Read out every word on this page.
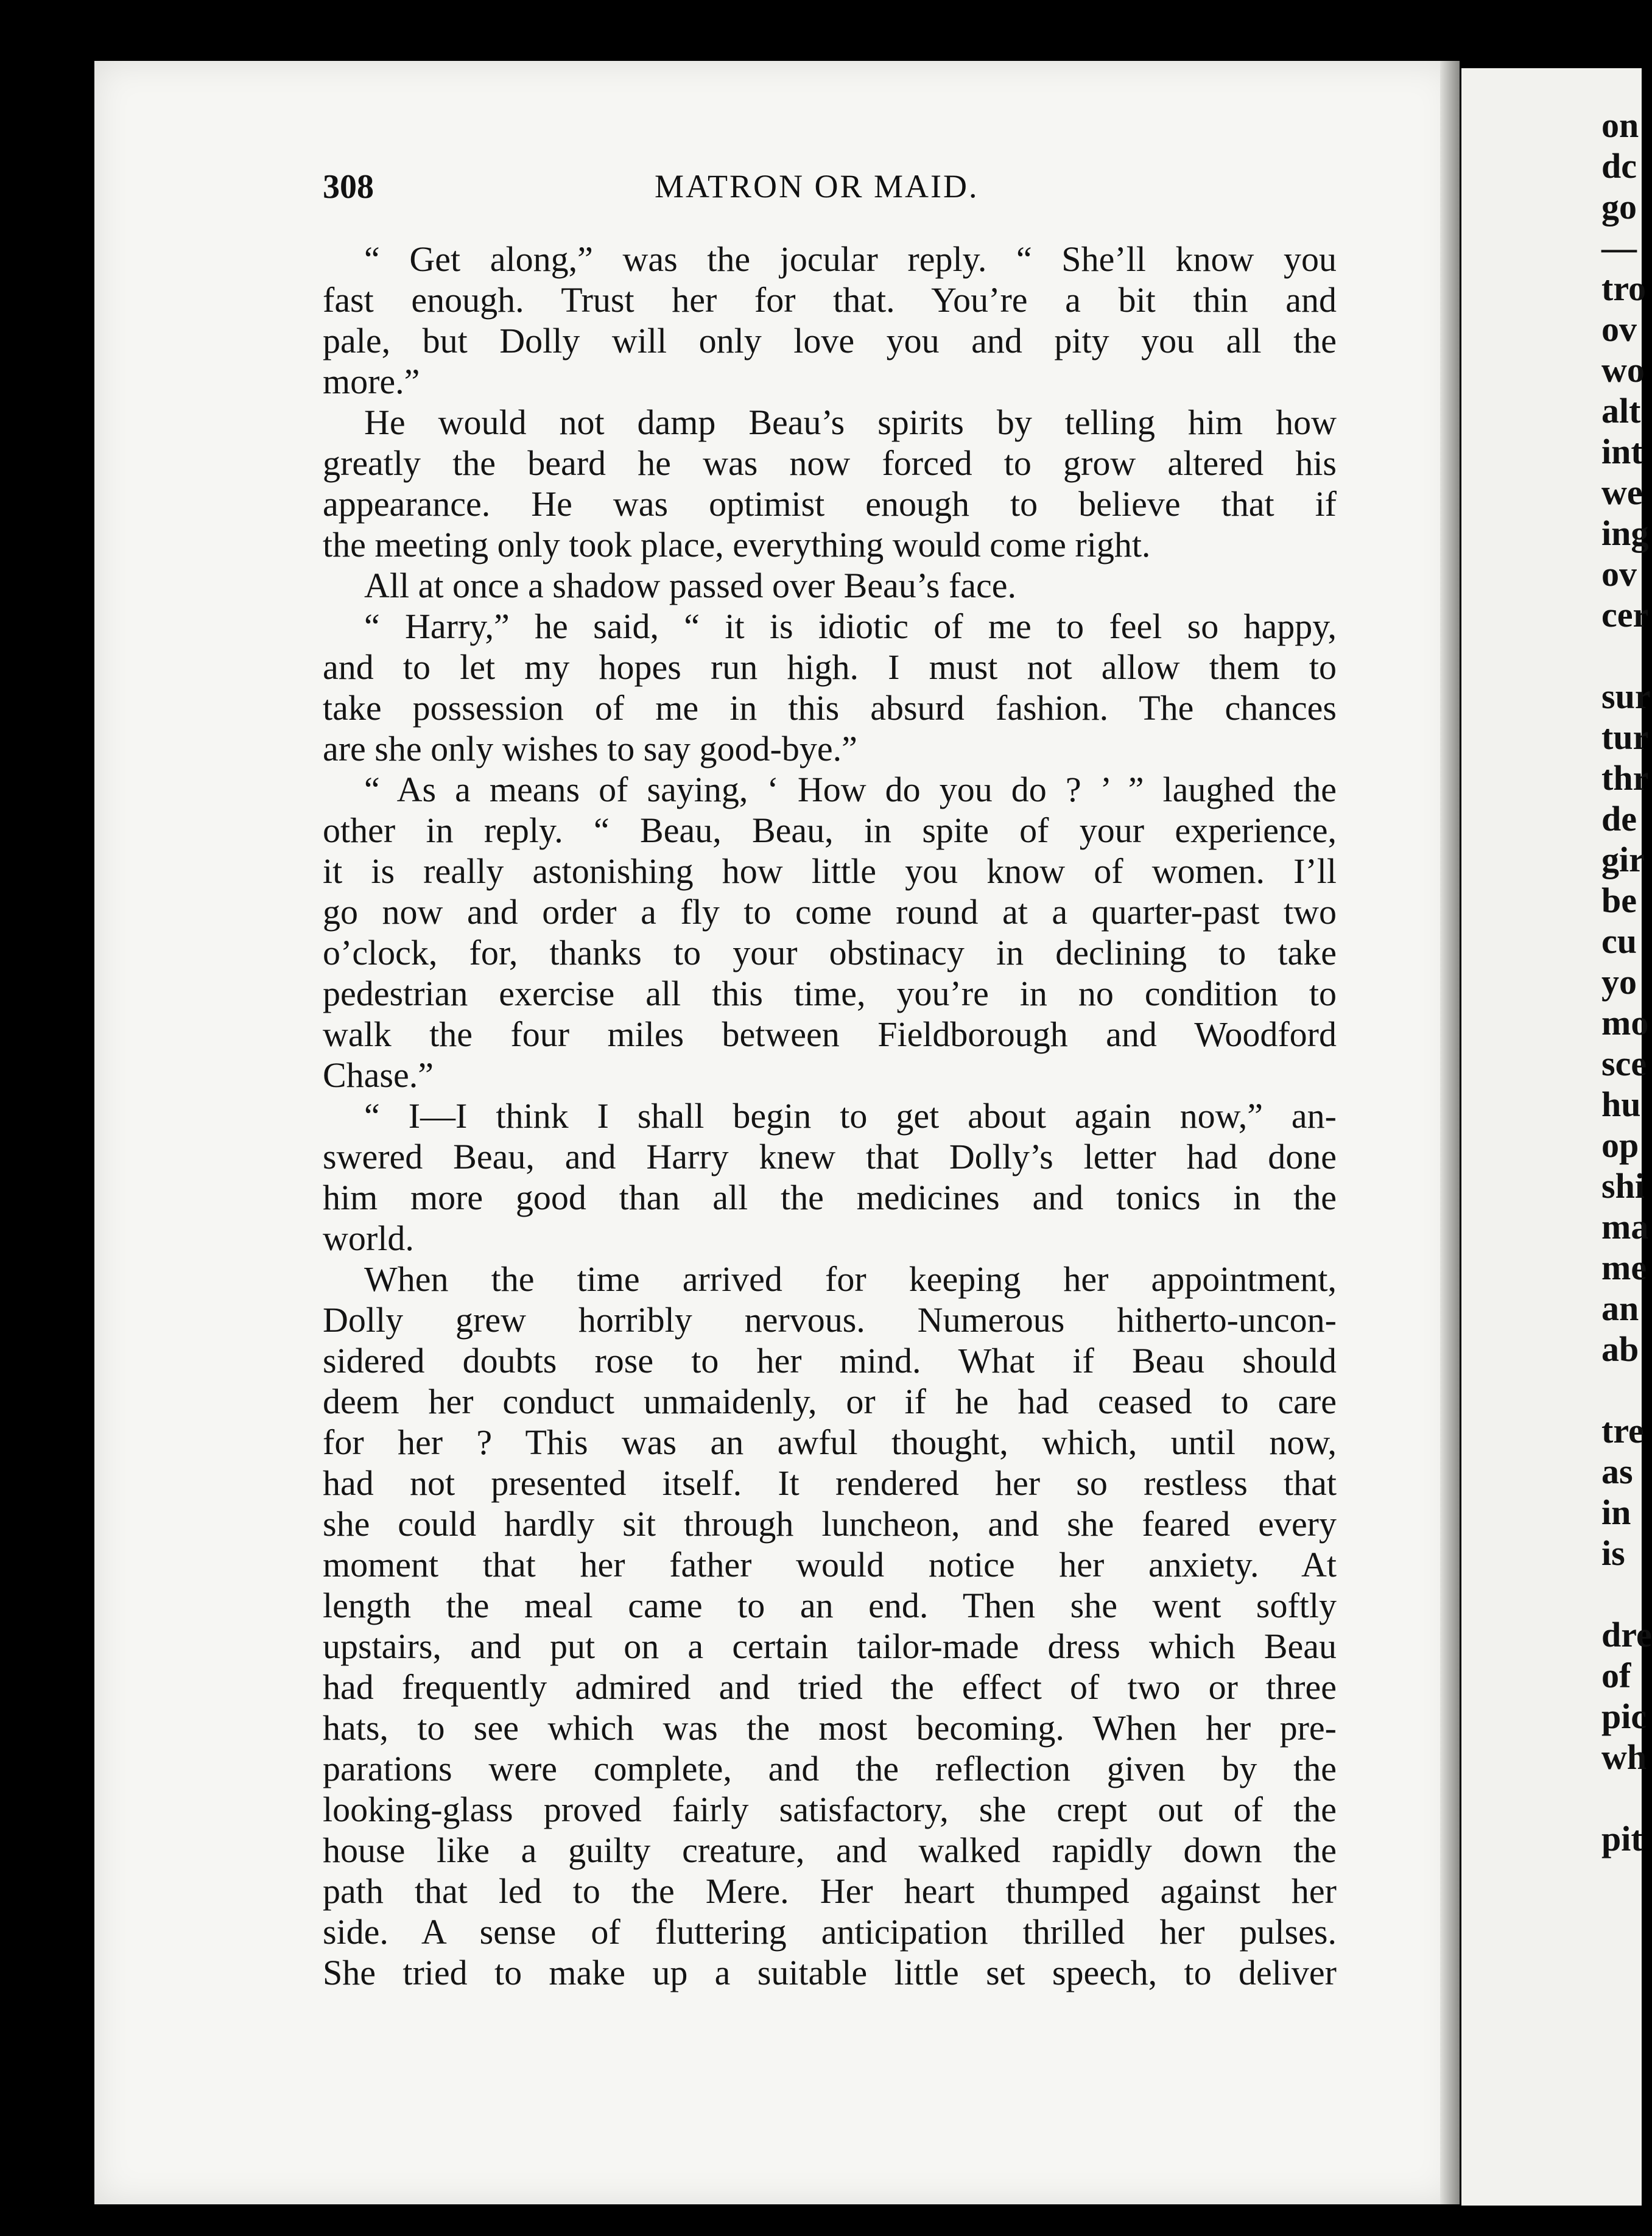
on
dc
go
—
tro
ov
wo
alt
int
we
ing
ov
cer
sur
tur
thr
de
gir
be
cu
yo
mo
sce
hu
op
shi
ma
me
an
ab
tre
as
in
is
dre
of
pic
wh
pit
308	MATRON OR MAID.
“ Get along,” was the jocular reply. “ She’ll know you
fast enough. Trust her for that. You’re a bit thin and
pale, but Dolly will only love you and pity you all the
more.”
He would not damp Beau’s spirits by telling him how
greatly the beard he was now forced to grow altered his
appearance. He was optimist enough to believe that if
the meeting only took place, everything would come right.
All at once a shadow passed over Beau’s face.
“ Harry,” he said, “ it is idiotic of me to feel so happy,
and to let my hopes run high. I must not allow them to
take possession of me in this absurd fashion. The chances
are she only wishes to say good-bye.”
“ As a means of saying, ‘ How do you do ? ’ ” laughed the
other in reply. “ Beau, Beau, in spite of your experience,
it is really astonishing how little you know of women. I’ll
go now and order a fly to come round at a quarter-past two
o’clock, for, thanks to your obstinacy in declining to take
pedestrian exercise all this time, you’re in no condition to
walk the four miles between Fieldborough and Woodford
Chase.”
“ I—I think I shall begin to get about again now,” an-
swered Beau, and Harry knew that Dolly’s letter had done
him more good than all the medicines and tonics in the
world.
When the time arrived for keeping her appointment,
Dolly grew horribly nervous. Numerous hitherto-uncon-
sidered doubts rose to her mind. What if Beau should
deem her conduct unmaidenly, or if he had ceased to care
for her ? This was an awful thought, which, until now,
had not presented itself. It rendered her so restless that
she could hardly sit through luncheon, and she feared every
moment that her father would notice her anxiety. At
length the meal came to an end. Then she went softly
upstairs, and put on a certain tailor-made dress which Beau
had frequently admired and tried the effect of two or three
hats, to see which was the most becoming. When her pre-
parations were complete, and the reflection given by the
looking-glass proved fairly satisfactory, she crept out of the
house like a guilty creature, and walked rapidly down the
path that led to the Mere. Her heart thumped against her
side. A sense of fluttering anticipation thrilled her pulses.
She tried to make up a suitable little set speech, to deliver
